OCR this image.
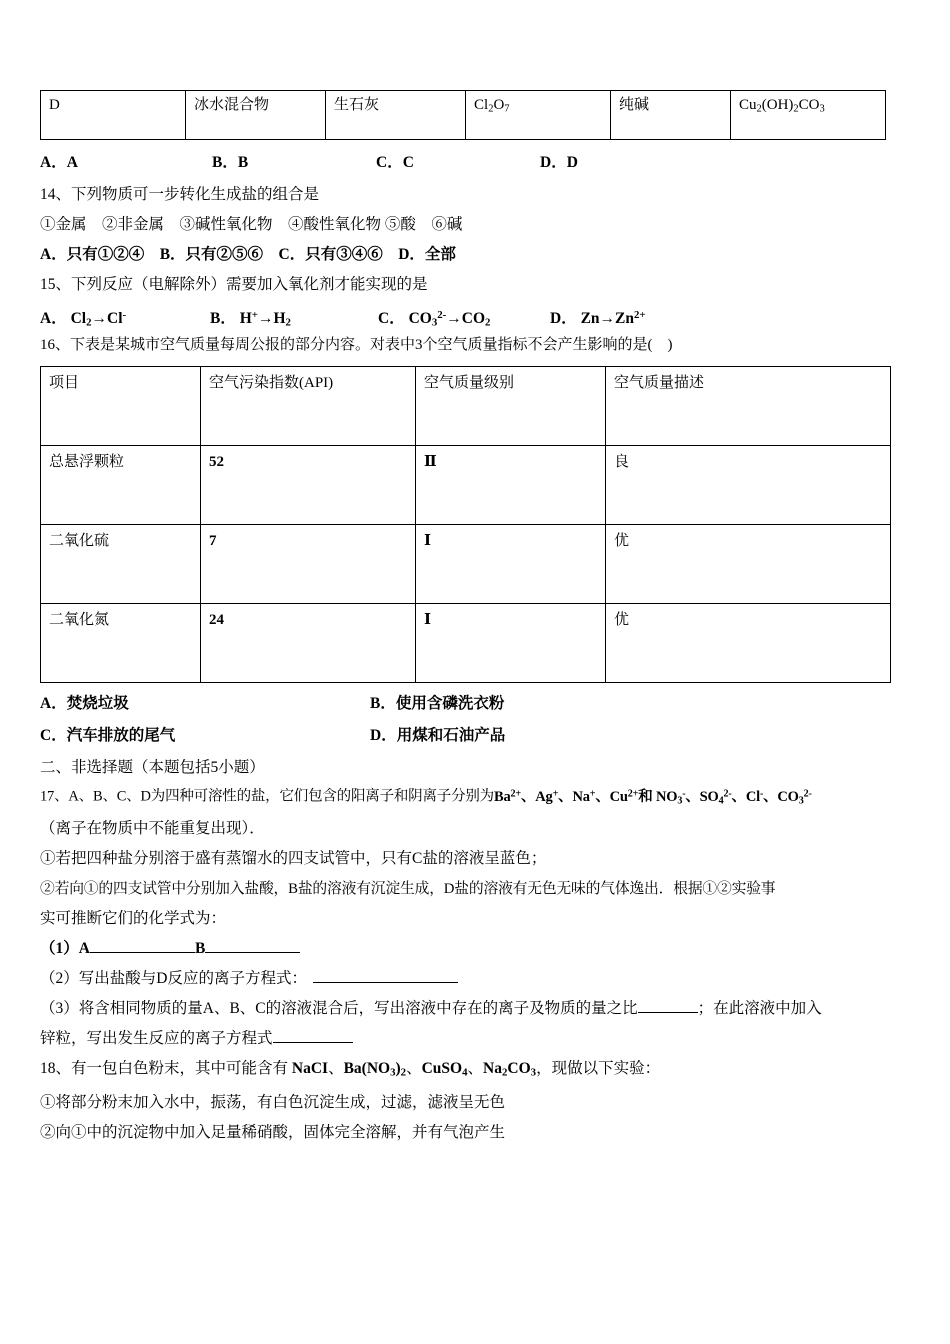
D	冰水混合物	生石灰	$Cl_2O_7$	纯碱	$Cu_2(OH)_2CO_3$
A．A	B．B	C．C	D．D
14、下列物质可一步转化生成盐的组合是
①金属　②非金属　③碱性氧化物　④酸性氧化物 ⑤酸　⑥碱
A．只有①②④　B．只有②⑤⑥　C．只有③④⑥　D．全部
15、下列反应（电解除外）需要加入氧化剂才能实现的是
A． $Cl_2\to Cl^-$	B． $H^+\to H_2$	C． $CO_3^{2-}\to CO_2$	D． $Zn\to Zn^{2+}$
16、下表是某城市空气质量每周公报的部分内容。对表中3个空气质量指标不会产生影响的是(　)
项目	空气污染指数(API)	空气质量级别	空气质量描述
总悬浮颗粒	52	Ⅱ	良
二氧化硫	7	Ⅰ	优
二氧化氮	24	Ⅰ	优
A．焚烧垃圾	B．使用含磷洗衣粉
C．汽车排放的尾气	D．用煤和石油产品
二、非选择题（本题包括5小题）
17、A、B、C、D为四种可溶性的盐，它们包含的阳离子和阴离子分别为$Ba^{2+}$、Ag+、Na+、$Cu^{2+}$和 $NO_3^-$、$SO_4^{2-}$、Cl-、$CO_3^{2-}$
（离子在物质中不能重复出现）．
①若把四种盐分别溶于盛有蒸馏水的四支试管中，只有C盐的溶液呈蓝色；
②若向①的四支试管中分别加入盐酸，B盐的溶液有沉淀生成，D盐的溶液有无色无味的气体逸出．根据①②实验事
实可推断它们的化学式为：
（1）A	B
（2）写出盐酸与D反应的离子方程式：
（3）将含相同物质的量A、B、C的溶液混合后，写出溶液中存在的离子及物质的量之比	；在此溶液中加入
锌粒，写出发生反应的离子方程式
18、有一包白色粉末，其中可能含有 NaCI、$Ba(NO_3)_2$、CuSO$_4$、$Na_2CO_3$，现做以下实验：
①将部分粉末加入水中，振荡，有白色沉淀生成，过滤，滤液呈无色
②向①中的沉淀物中加入足量稀硝酸，固体完全溶解，并有气泡产生
